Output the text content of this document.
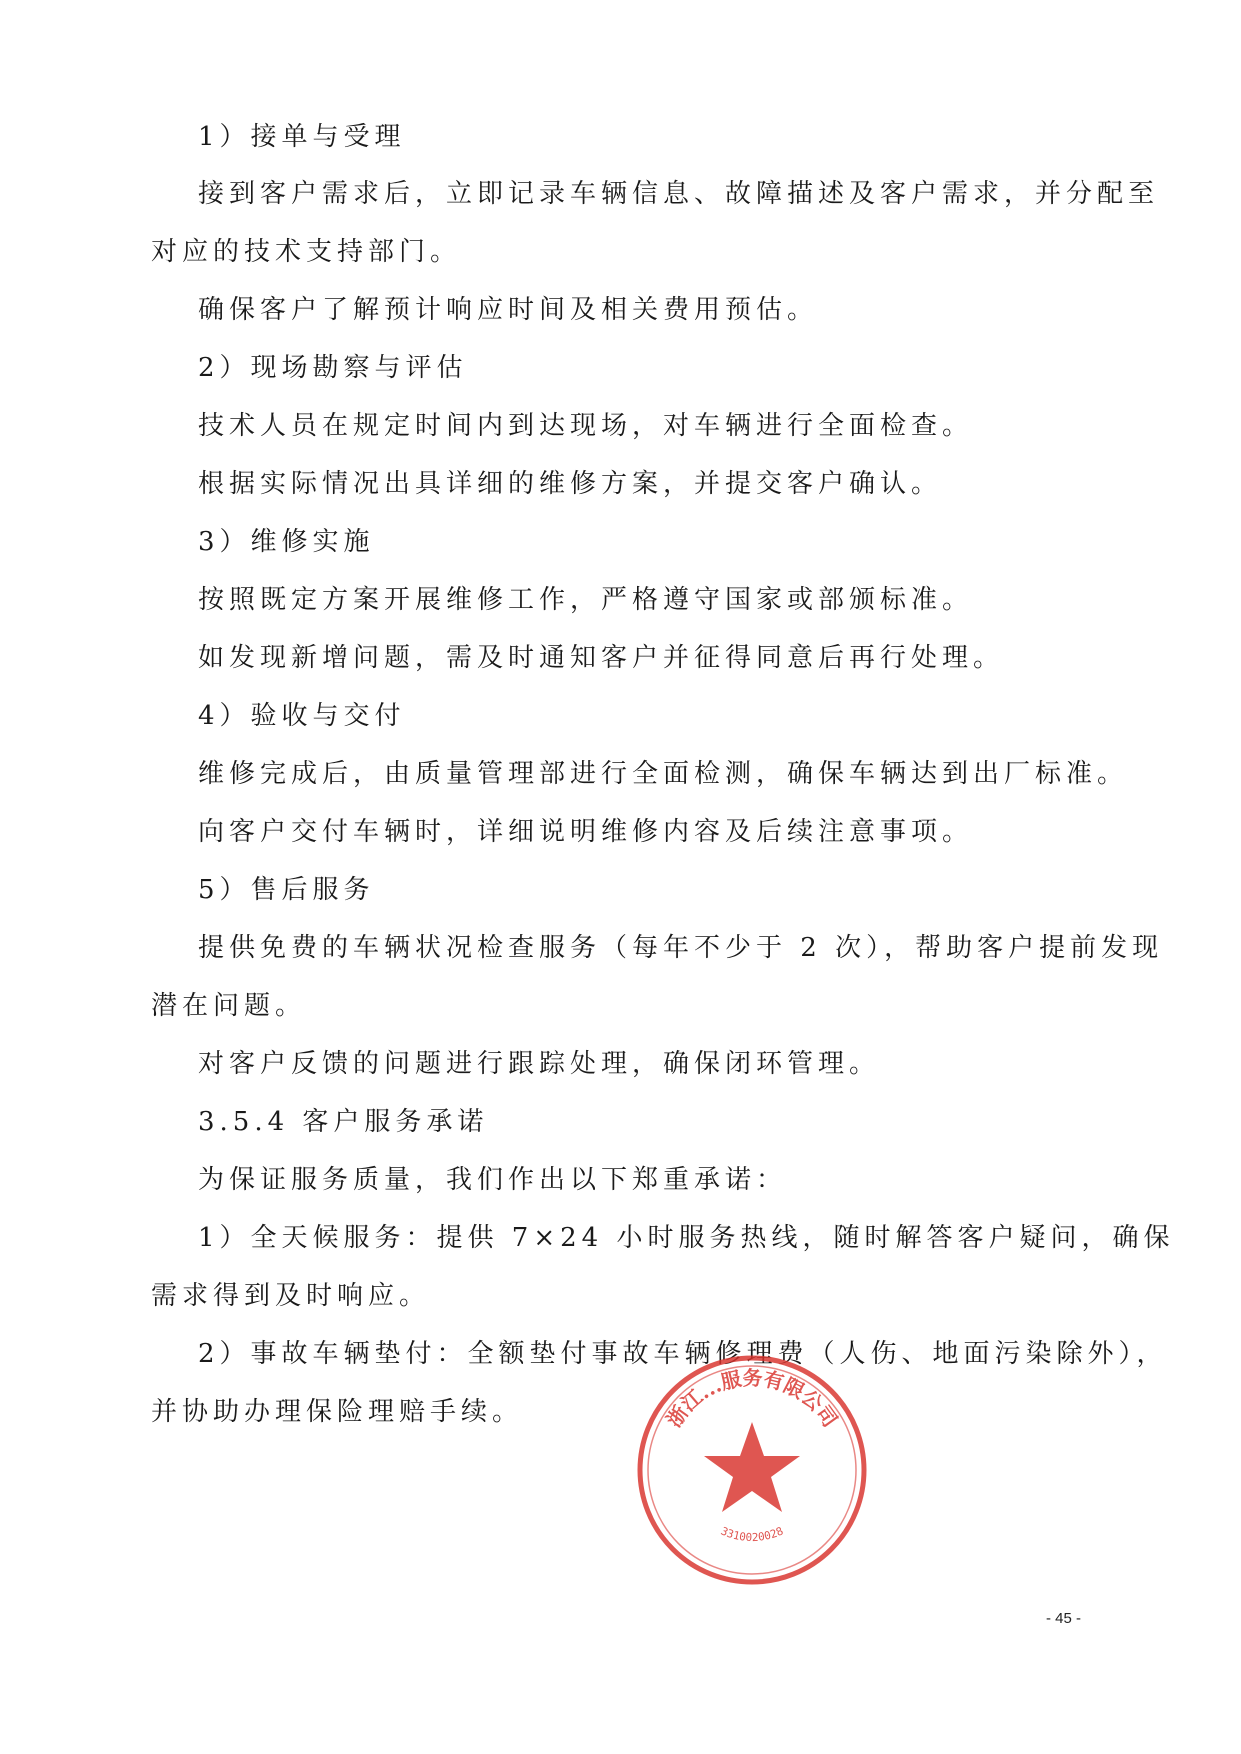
1）接单与受理
接到客户需求后，立即记录车辆信息、故障描述及客户需求，并分配至
对应的技术支持部门。
确保客户了解预计响应时间及相关费用预估。
2）现场勘察与评估
技术人员在规定时间内到达现场，对车辆进行全面检查。
根据实际情况出具详细的维修方案，并提交客户确认。
3）维修实施
按照既定方案开展维修工作，严格遵守国家或部颁标准。
如发现新增问题，需及时通知客户并征得同意后再行处理。
4）验收与交付
维修完成后，由质量管理部进行全面检测，确保车辆达到出厂标准。
向客户交付车辆时，详细说明维修内容及后续注意事项。
5）售后服务
提供免费的车辆状况检查服务（每年不少于 2 次），帮助客户提前发现
潜在问题。
对客户反馈的问题进行跟踪处理，确保闭环管理。
3.5.4 客户服务承诺
为保证服务质量，我们作出以下郑重承诺：
1）全天候服务：提供 7×24 小时服务热线，随时解答客户疑问，确保
需求得到及时响应。
2）事故车辆垫付：全额垫付事故车辆修理费（人伤、地面污染除外），
并协助办理保险理赔手续。	浙江...服务有限公司
3310020028
- 45 -
